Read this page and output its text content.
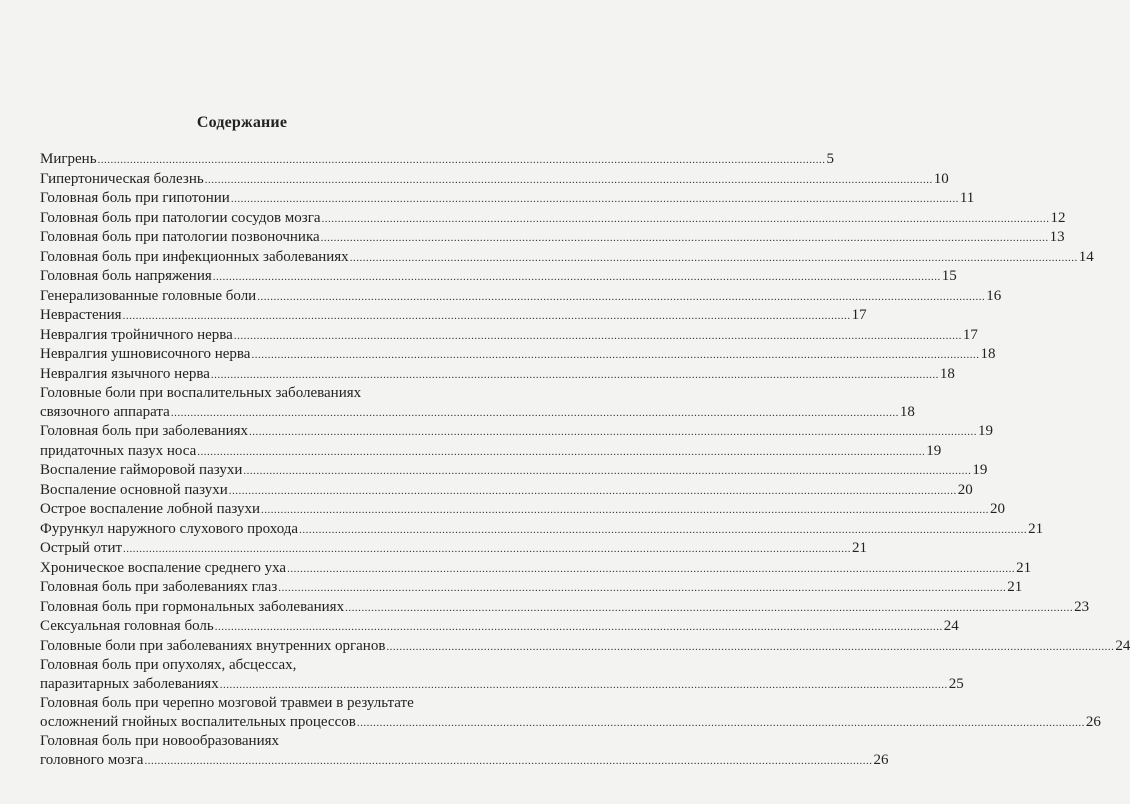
Содержание
Мигрень .....	5
Гипертоническая болезнь .....	10
Головная боль при гипотонии .....	11
Головная боль при патологии сосудов мозга .....	12
Головная боль при патологии позвоночника .....	13
Головная боль при инфекционных заболеваниях .....	14
Головная боль напряжения .....	15
Генерализованные головные боли .....	16
Неврастения .....	17
Невралгия тройничного нерва .....	17
Невралгия ушновисочного нерва .....	18
Невралгия язычного нерва .....	18
Головные боли при воспалительных заболеваниях
связочного аппарата .....	18
Головная боль при заболеваниях .....	19
придаточных пазух носа .....	19
Воспаление гайморовой пазухи .....	19
Воспаление основной пазухи .....	20
Острое воспаление лобной пазухи .....	20
Фурункул наружного слухового прохода .....	21
Острый отит .....	21
Хроническое воспаление среднего уха .....	21
Головная боль при заболеваниях глаз .....	21
Головная боль при гормональных заболеваниях .....	23
Сексуальная головная боль .....	24
Головные боли при заболеваниях внутренних органов .....	24
Головная боль при опухолях, абсцессах,
паразитарных заболеваниях .....	25
Головная боль при черепно мозговой травмеи в результате
осложнений гнойных воспалительных процессов .....	26
Головная боль при новообразованиях
головного мозга .....	26
